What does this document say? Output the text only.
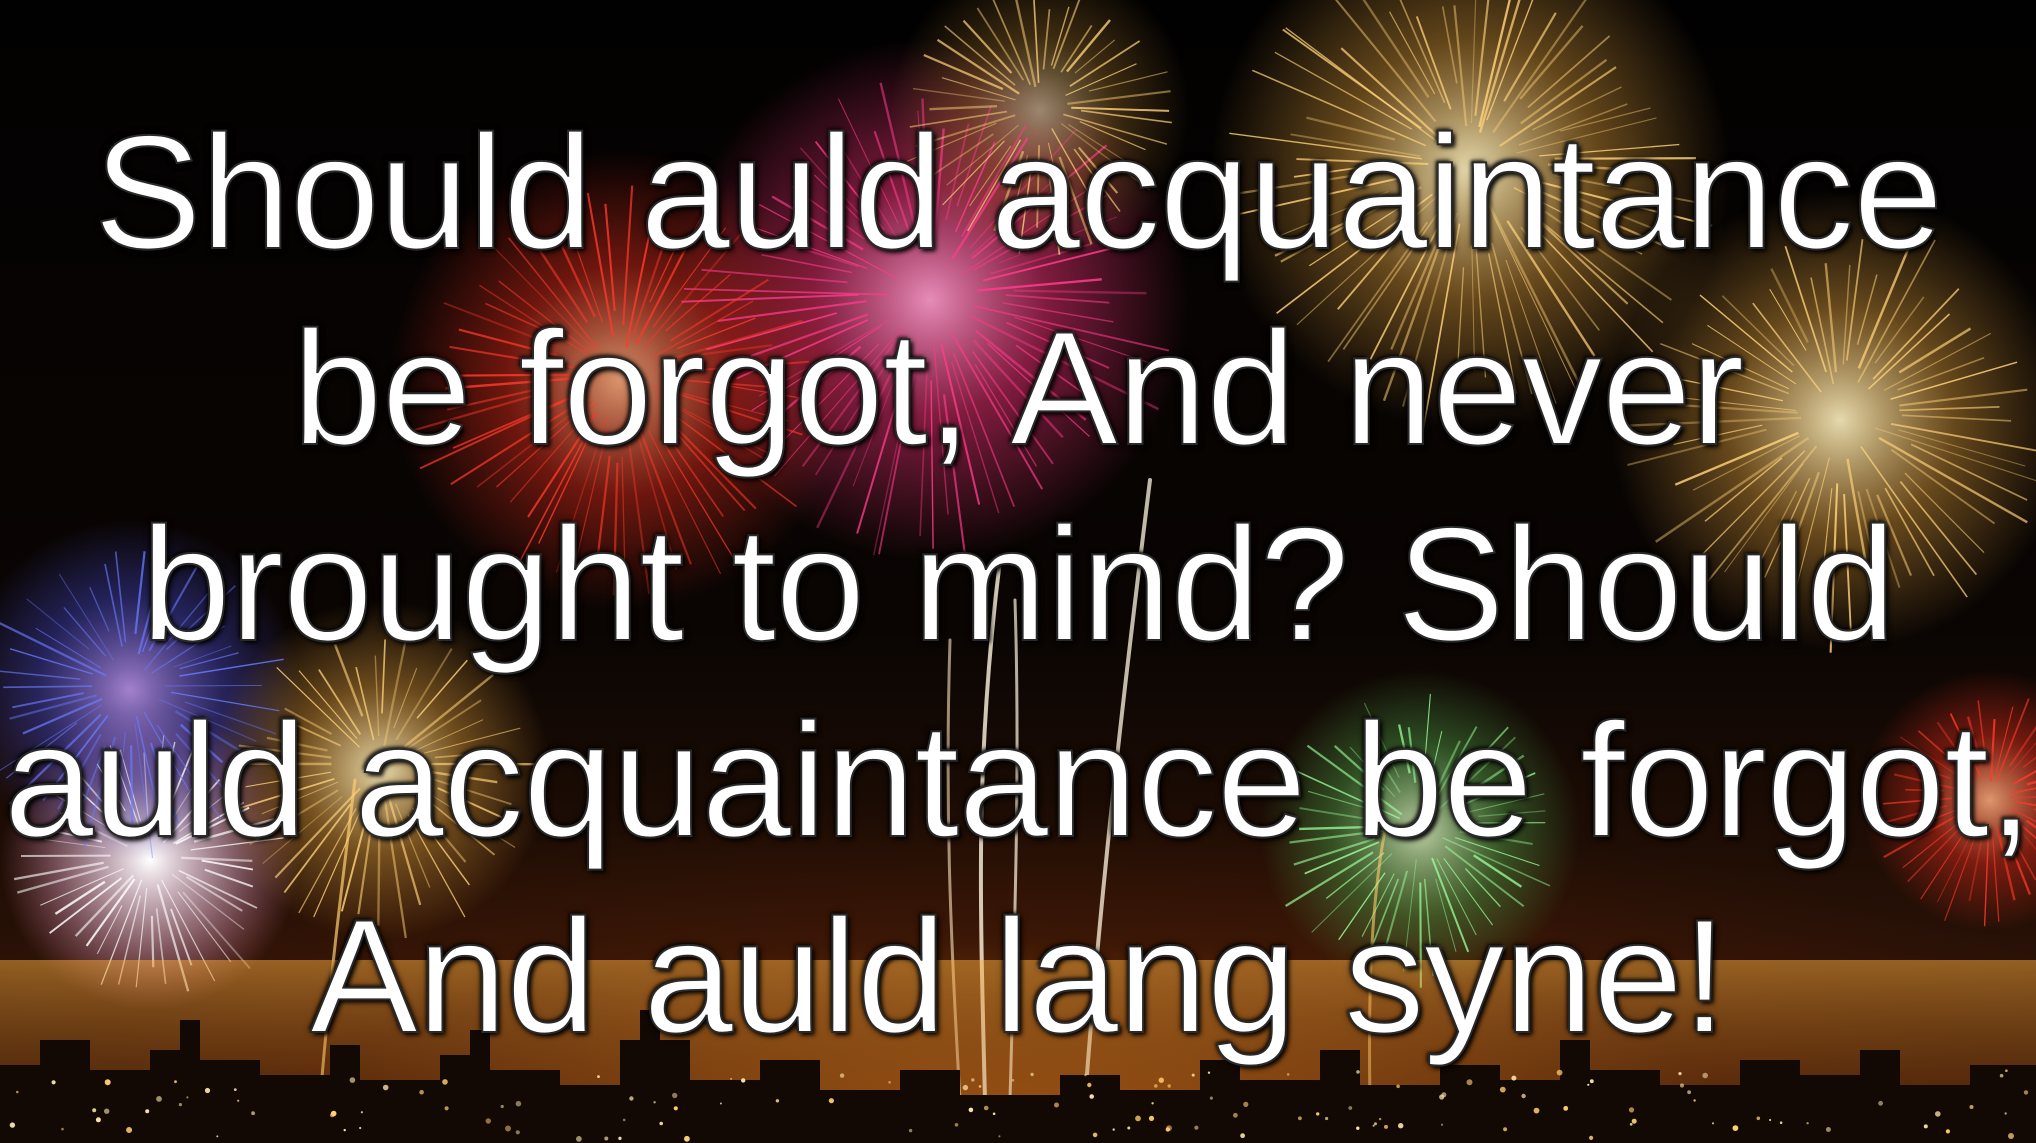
Should auld acquaintance be forgot, And never brought to mind? Should auld acquaintance be forgot, And auld lang syne!
